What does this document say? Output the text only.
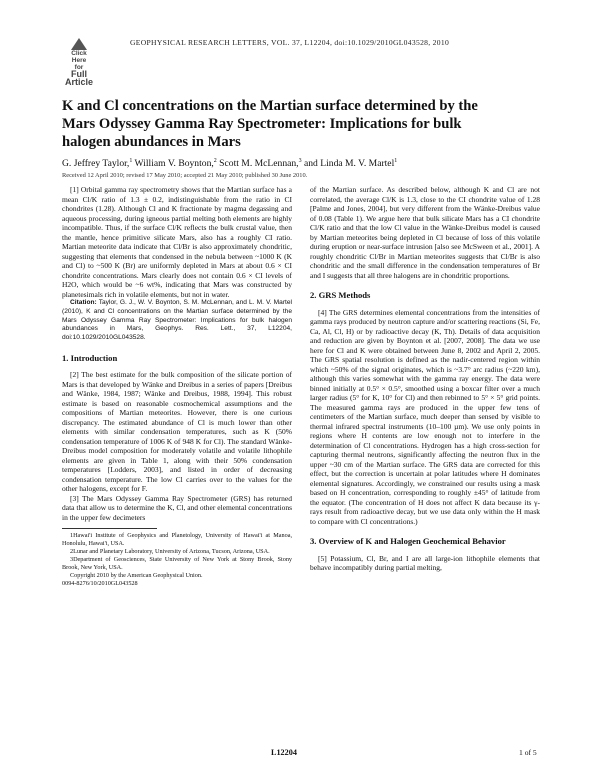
Click
Here
for
Full
Article
GEOPHYSICAL RESEARCH LETTERS, VOL. 37, L12204, doi:10.1029/2010GL043528, 2010
K and Cl concentrations on the Martian surface determined by the Mars Odyssey Gamma Ray Spectrometer: Implications for bulk halogen abundances in Mars
G. Jeffrey Taylor,$^1$ William V. Boynton,$^2$ Scott M. McLennan,$^3$ and Linda M. V. Martel$^1$
Received 12 April 2010; revised 17 May 2010; accepted 21 May 2010; published 30 June 2010.

[1] Orbital gamma ray spectrometry shows that the Martian surface has a mean Cl/K ratio of 1.3 ± 0.2, indistinguishable from the ratio in CI chondrites (1.28). Although Cl and K fractionate by magma degassing and aqueous processing, during igneous partial melting both elements are highly incompatible. Thus, if the surface Cl/K reflects the bulk crustal value, then the mantle, hence primitive silicate Mars, also has a roughly CI ratio. Martian meteorite data indicate that Cl/Br is also approximately chondritic, suggesting that elements that condensed in the nebula between ~1000 K (K and Cl) to ~500 K (Br) are uniformly depleted in Mars at about 0.6 × CI chondrite concentrations. Mars clearly does not contain 0.6 × CI levels of H2O, which would be ~6 wt%, indicating that Mars was constructed by planetesimals rich in volatile elements, but not in water.

Citation: Taylor, G. J., W. V. Boynton, S. M. McLennan, and L. M. V. Martel (2010), K and Cl concentrations on the Martian surface determined by the Mars Odyssey Gamma Ray Spectrometer: Implications for bulk halogen abundances in Mars, Geophys. Res. Lett., 37, L12204, doi:10.1029/2010GL043528.

1. Introduction

[2] The best estimate for the bulk composition of the silicate portion of Mars is that developed by Wänke and Dreibus in a series of papers [Dreibus and Wänke, 1984, 1987; Wänke and Dreibus, 1988, 1994]. This robust estimate is based on reasonable cosmochemical assumptions and the compositions of Martian meteorites. However, there is one curious discrepancy. The estimated abundance of Cl is much lower than other elements with similar condensation temperatures, such as K (50% condensation temperature of 1006 K of 948 K for Cl). The standard Wänke-Dreibus model composition for moderately volatile and volatile lithophile elements are given in Table 1, along with their 50% condensation temperatures [Lodders, 2003], and listed in order of decreasing condensation temperature. The low Cl carries over to the values for the other halogens, except for F.

[3] The Mars Odyssey Gamma Ray Spectrometer (GRS) has returned data that allow us to determine the K, Cl, and other elemental concentrations in the upper few decimeters

1Hawai'i Institute of Geophysics and Planetology, University of Hawai'i at Manoa, Honolulu, Hawai'i, USA.

2Lunar and Planetary Laboratory, University of Arizona, Tucson, Arizona, USA.

3Department of Geosciences, State University of New York at Stony Brook, Stony Brook, New York, USA.

Copyright 2010 by the American Geophysical Union.

0094-8276/10/2010GL043528

of the Martian surface. As described below, although K and Cl are not correlated, the average Cl/K is 1.3, close to the CI chondrite value of 1.28 [Palme and Jones, 2004], but very different from the Wänke-Dreibus value of 0.08 (Table 1). We argue here that bulk silicate Mars has a CI chondrite Cl/K ratio and that the low Cl value in the Wänke-Dreibus model is caused by Martian meteorites being depleted in Cl because of loss of this volatile during eruption or near-surface intrusion [also see McSween et al., 2001]. A roughly chondritic Cl/Br in Martian meteorites suggests that Cl/Br is also chondritic and the small difference in the condensation temperatures of Br and I suggests that all three halogens are in chondritic proportions.

2. GRS Methods

[4] The GRS determines elemental concentrations from the intensities of gamma rays produced by neutron capture and/or scattering reactions (Si, Fe, Ca, Al, Cl, H) or by radioactive decay (K, Th). Details of data acquisition and reduction are given by Boynton et al. [2007, 2008]. The data we use here for Cl and K were obtained between June 8, 2002 and April 2, 2005. The GRS spatial resolution is defined as the nadir-centered region within which ~50% of the signal originates, which is ~3.7° arc radius (~220 km), although this varies somewhat with the gamma ray energy. The data were binned initially at 0.5° × 0.5°, smoothed using a boxcar filter over a much larger radius (5° for K, 10° for Cl) and then rebinned to 5° × 5° grid points. The measured gamma rays are produced in the upper few tens of centimeters of the Martian surface, much deeper than sensed by visible to thermal infrared spectral instruments (10–100 µm). We use only points in regions where H contents are low enough not to interfere in the determination of Cl concentrations. Hydrogen has a high cross-section for capturing thermal neutrons, significantly affecting the neutron flux in the upper ~30 cm of the Martian surface. The GRS data are corrected for this effect, but the correction is uncertain at polar latitudes where H dominates elemental signatures. Accordingly, we constrained our results using a mask based on H concentration, corresponding to roughly ±45° of latitude from the equator. (The concentration of H does not affect K data because its γ-rays result from radioactive decay, but we use data only within the H mask to compare with Cl concentrations.)

3. Overview of K and Halogen Geochemical Behavior

[5] Potassium, Cl, Br, and I are all large-ion lithophile elements that behave incompatibly during partial melting,

L12204	1 of 5
